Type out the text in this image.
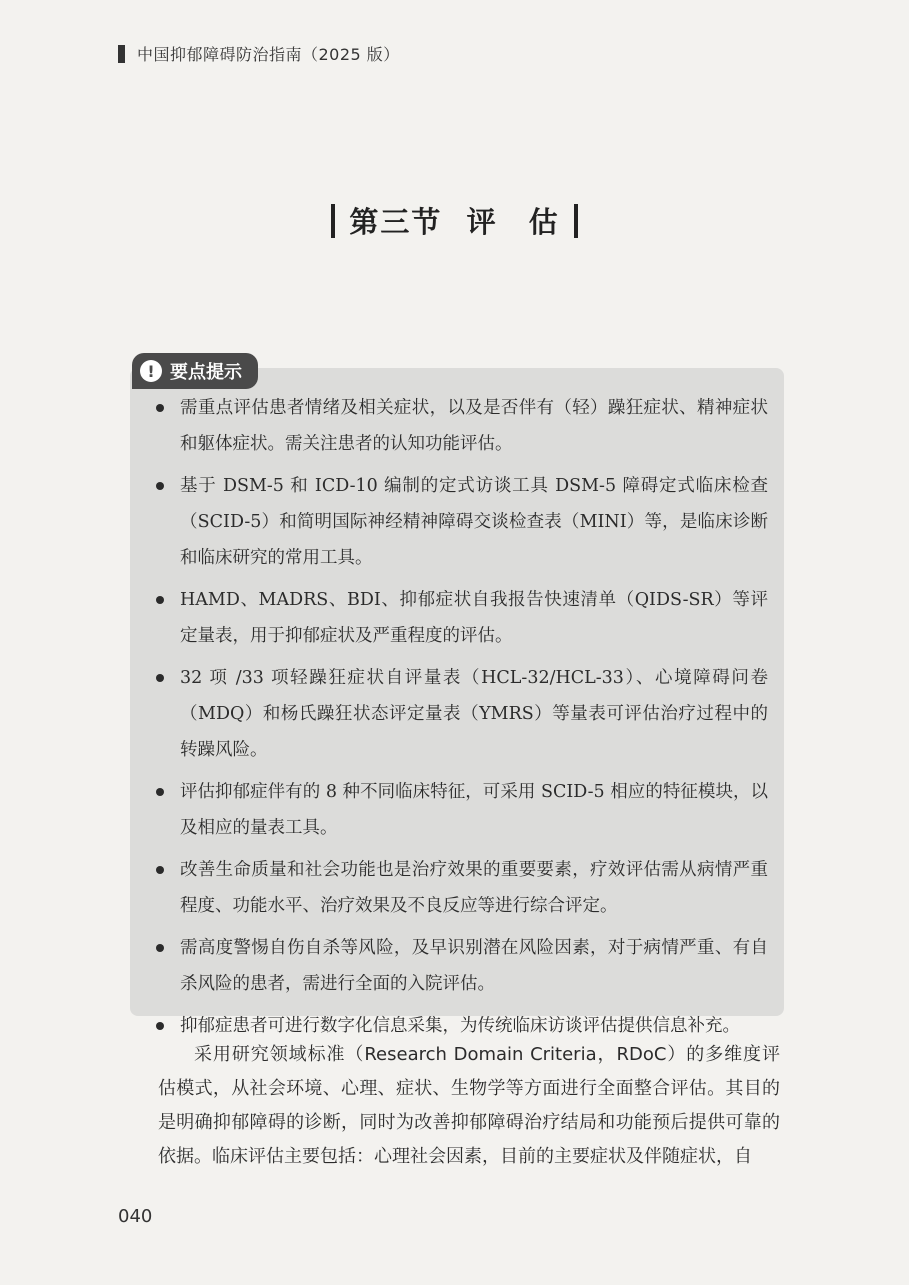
中国抑郁障碍防治指南（2025 版）
第三节 评　估
! 要点提示
需重点评估患者情绪及相关症状，以及是否伴有（轻）躁狂症状、精神症状和躯体症状。需关注患者的认知功能评估。
基于 DSM-5 和 ICD-10 编制的定式访谈工具 DSM-5 障碍定式临床检查（SCID-5）和简明国际神经精神障碍交谈检查表（MINI）等，是临床诊断和临床研究的常用工具。
HAMD、MADRS、BDI、抑郁症状自我报告快速清单（QIDS-SR）等评定量表，用于抑郁症状及严重程度的评估。
32 项 /33 项轻躁狂症状自评量表（HCL-32/HCL-33）、心境障碍问卷（MDQ）和杨氏躁狂状态评定量表（YMRS）等量表可评估治疗过程中的转躁风险。
评估抑郁症伴有的 8 种不同临床特征，可采用 SCID-5 相应的特征模块，以及相应的量表工具。
改善生命质量和社会功能也是治疗效果的重要要素，疗效评估需从病情严重程度、功能水平、治疗效果及不良反应等进行综合评定。
需高度警惕自伤自杀等风险，及早识别潜在风险因素，对于病情严重、有自杀风险的患者，需进行全面的入院评估。
抑郁症患者可进行数字化信息采集，为传统临床访谈评估提供信息补充。
采用研究领域标准（Research Domain Criteria，RDoC）的多维度评估模式，从社会环境、心理、症状、生物学等方面进行全面整合评估。其目的是明确抑郁障碍的诊断，同时为改善抑郁障碍治疗结局和功能预后提供可靠的依据。临床评估主要包括：心理社会因素，目前的主要症状及伴随症状，自
040
